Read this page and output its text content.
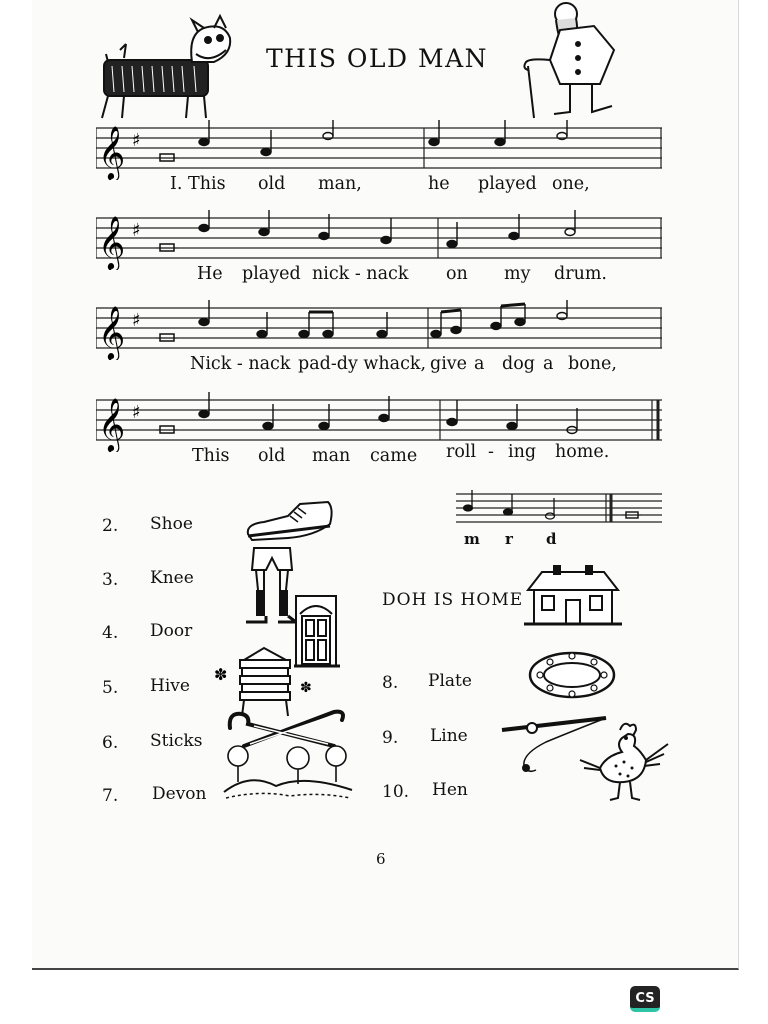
THIS OLD MAN
𝄞 ♯
I. This old man,	he played one,
𝄞 ♯
He played nick - nack on my drum.
𝄞 ♯
Nick - nack pad-dy whack, give a dog a bone,
𝄞 ♯
This old man came roll - ing home.
m r d
2. Shoe
3. Knee
4. Door
5. Hive
6. Sticks
7. Devon
8. Plate
9. Line
10. Hen
DOH IS HOME
✽
✽
6
CS
